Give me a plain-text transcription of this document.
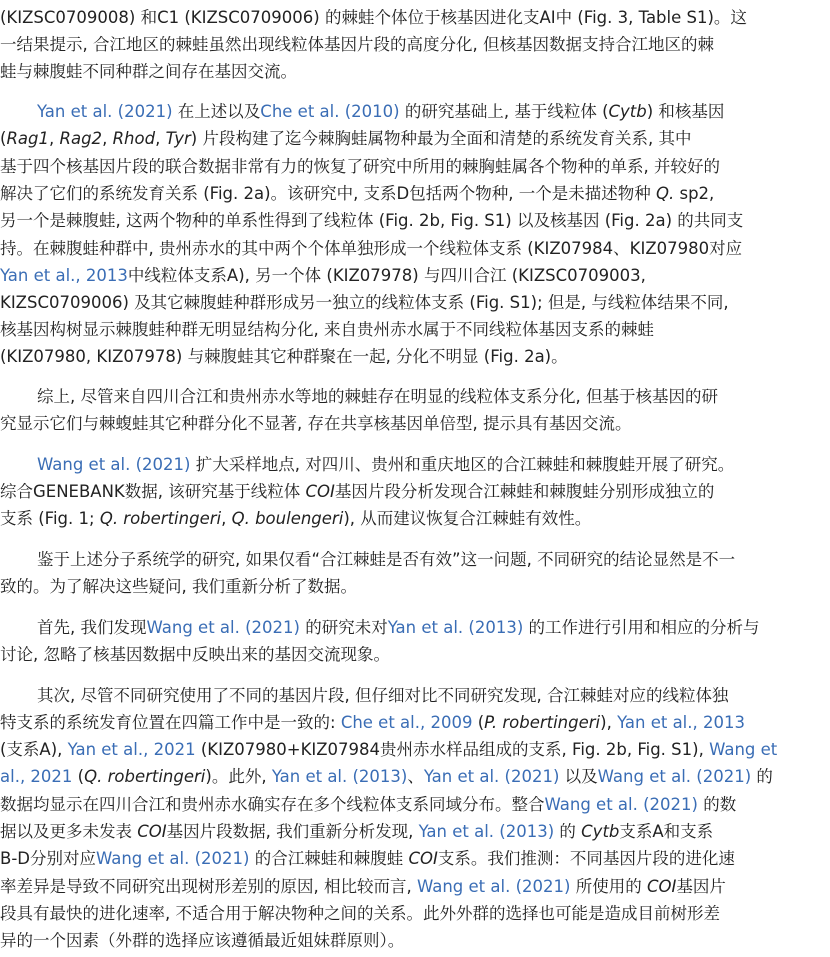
(KIZSC0709008) 和C1 (KIZSC0709006) 的棘蛙个体位于核基因进化支AI中 (Fig. 3, Table S1)。这
一结果提示, 合江地区的棘蛙虽然出现线粒体基因片段的高度分化, 但核基因数据支持合江地区的棘
蛙与棘腹蛙不同种群之间存在基因交流。
Yan et al. (2021) 在上述以及Che et al. (2010) 的研究基础上, 基于线粒体 (Cytb) 和核基因
(Rag1, Rag2, Rhod, Tyr) 片段构建了迄今棘胸蛙属物种最为全面和清楚的系统发育关系, 其中
基于四个核基因片段的联合数据非常有力的恢复了研究中所用的棘胸蛙属各个物种的单系, 并较好的
解决了它们的系统发育关系 (Fig. 2a)。该研究中, 支系D包括两个物种, 一个是未描述物种 Q. sp2,
另一个是棘腹蛙, 这两个物种的单系性得到了线粒体 (Fig. 2b, Fig. S1) 以及核基因 (Fig. 2a) 的共同支
持。在棘腹蛙种群中, 贵州赤水的其中两个个体单独形成一个线粒体支系 (KIZ07984、KIZ07980对应
Yan et al., 2013中线粒体支系A), 另一个体 (KIZ07978) 与四川合江 (KIZSC0709003,
KIZSC0709006) 及其它棘腹蛙种群形成另一独立的线粒体支系 (Fig. S1); 但是, 与线粒体结果不同,
核基因构树显示棘腹蛙种群无明显结构分化, 来自贵州赤水属于不同线粒体基因支系的棘蛙
(KIZ07980, KIZ07978) 与棘腹蛙其它种群聚在一起, 分化不明显 (Fig. 2a)。
综上, 尽管来自四川合江和贵州赤水等地的棘蛙存在明显的线粒体支系分化, 但基于核基因的研
究显示它们与棘蝮蛙其它种群分化不显著, 存在共享核基因单倍型, 提示具有基因交流。
Wang et al. (2021) 扩大采样地点, 对四川、贵州和重庆地区的合江棘蛙和棘腹蛙开展了研究。
综合GENEBANK数据, 该研究基于线粒体 COI基因片段分析发现合江棘蛙和棘腹蛙分别形成独立的
支系 (Fig. 1; Q. robertingeri, Q. boulengeri), 从而建议恢复合江棘蛙有效性。
鉴于上述分子系统学的研究, 如果仅看“合江棘蛙是否有效”这一问题, 不同研究的结论显然是不一
致的。为了解决这些疑问, 我们重新分析了数据。
首先, 我们发现Wang et al. (2021) 的研究未对Yan et al. (2013) 的工作进行引用和相应的分析与
讨论, 忽略了核基因数据中反映出来的基因交流现象。
其次, 尽管不同研究使用了不同的基因片段, 但仔细对比不同研究发现, 合江棘蛙对应的线粒体独
特支系的系统发育位置在四篇工作中是一致的: Che et al., 2009 (P. robertingeri), Yan et al., 2013
(支系A), Yan et al., 2021 (KIZ07980+KIZ07984贵州赤水样品组成的支系, Fig. 2b, Fig. S1), Wang et
al., 2021 (Q. robertingeri)。此外, Yan et al. (2013)、Yan et al. (2021) 以及Wang et al. (2021) 的
数据均显示在四川合江和贵州赤水确实存在多个线粒体支系同域分布。整合Wang et al. (2021) 的数
据以及更多未发表 COI基因片段数据, 我们重新分析发现, Yan et al. (2013) 的 Cytb支系A和支系
B-D分别对应Wang et al. (2021) 的合江棘蛙和棘腹蛙 COI支系。我们推测：不同基因片段的进化速
率差异是导致不同研究出现树形差别的原因, 相比较而言, Wang et al. (2021) 所使用的 COI基因片
段具有最快的进化速率, 不适合用于解决物种之间的关系。此外外群的选择也可能是造成目前树形差
异的一个因素（外群的选择应该遵循最近姐妹群原则）。
